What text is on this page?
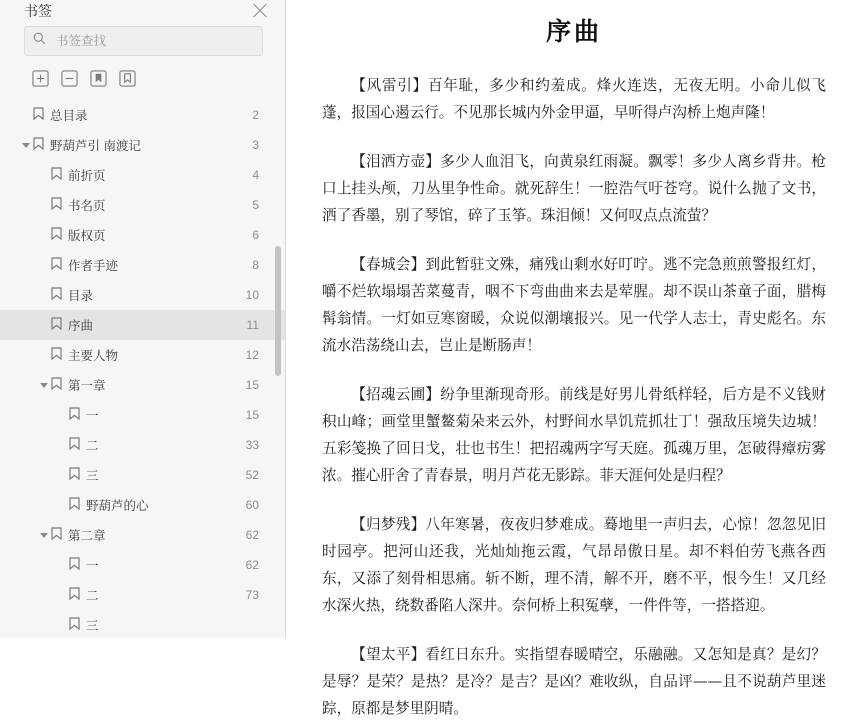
书签
书签查找
总目录	2
野葫芦引 南渡记	3
前折页	4
书名页	5
版权页	6
作者手迹	8
目录	10
序曲	11
主要人物	12
第一章	15
一	15
二	33
三	52
野葫芦的心	60
第二章	62
一	62
二	73
三
序曲

【风雷引】百年耻，多少和约羞成。烽火连迭，无夜无明。小命儿似飞蓬，报国心遏云行。不见那长城内外金甲逼，早听得卢沟桥上炮声隆！

【泪洒方壶】多少人血泪飞，向黄泉红雨凝。飘零！多少人离乡背井。枪口上挂头颅，刀丛里争性命。就死辞生！一腔浩气吁苍穹。说什么抛了文书，洒了香墨，别了琴馆，碎了玉筝。珠泪倾！又何叹点点流萤？

【春城会】到此暂驻文殊，痛残山剩水好叮咛。逃不完急煎煎警报红灯，嚼不烂软塌塌苦菜蔓青，咽不下弯曲曲来去是荤腥。却不误山茶童子面，腊梅髯翁情。一灯如豆寒窗暖，众说似潮壤报兴。见一代学人志士，青史彪名。东流水浩荡绕山去，岂止是断肠声！

【招魂云圃】纷争里渐现奇形。前线是好男儿骨纸样轻，后方是不义钱财积山峰；画堂里蟹鳌菊朵来云外，村野间水旱饥荒抓壮丁！强敌压境失边城！五彩笺换了回日戈，壮也书生！把招魂两字写天庭。孤魂万里，怎破得瘴疠雾浓。摧心肝舍了青春景，明月芦花无影踪。菲天涯何处是归程？

【归梦残】八年寒暑，夜夜归梦难成。蓦地里一声归去，心惊！忽忽见旧时园亭。把河山还我，光灿灿拖云霞，气昂昂傲日星。却不料伯劳飞燕各西东，又添了刻骨相思痛。斩不断，理不清，解不开，磨不平，恨今生！又几经水深火热，绕数番陷人深井。奈何桥上积冤孽，一件件等，一搭搭迎。

【望太平】看红日东升。实指望春暖晴空，乐融融。又怎知是真？是幻？是辱？是荣？是热？是冷？是吉？是凶？难收纵，自品评——且不说葫芦里迷踪，原都是梦里阴晴。
